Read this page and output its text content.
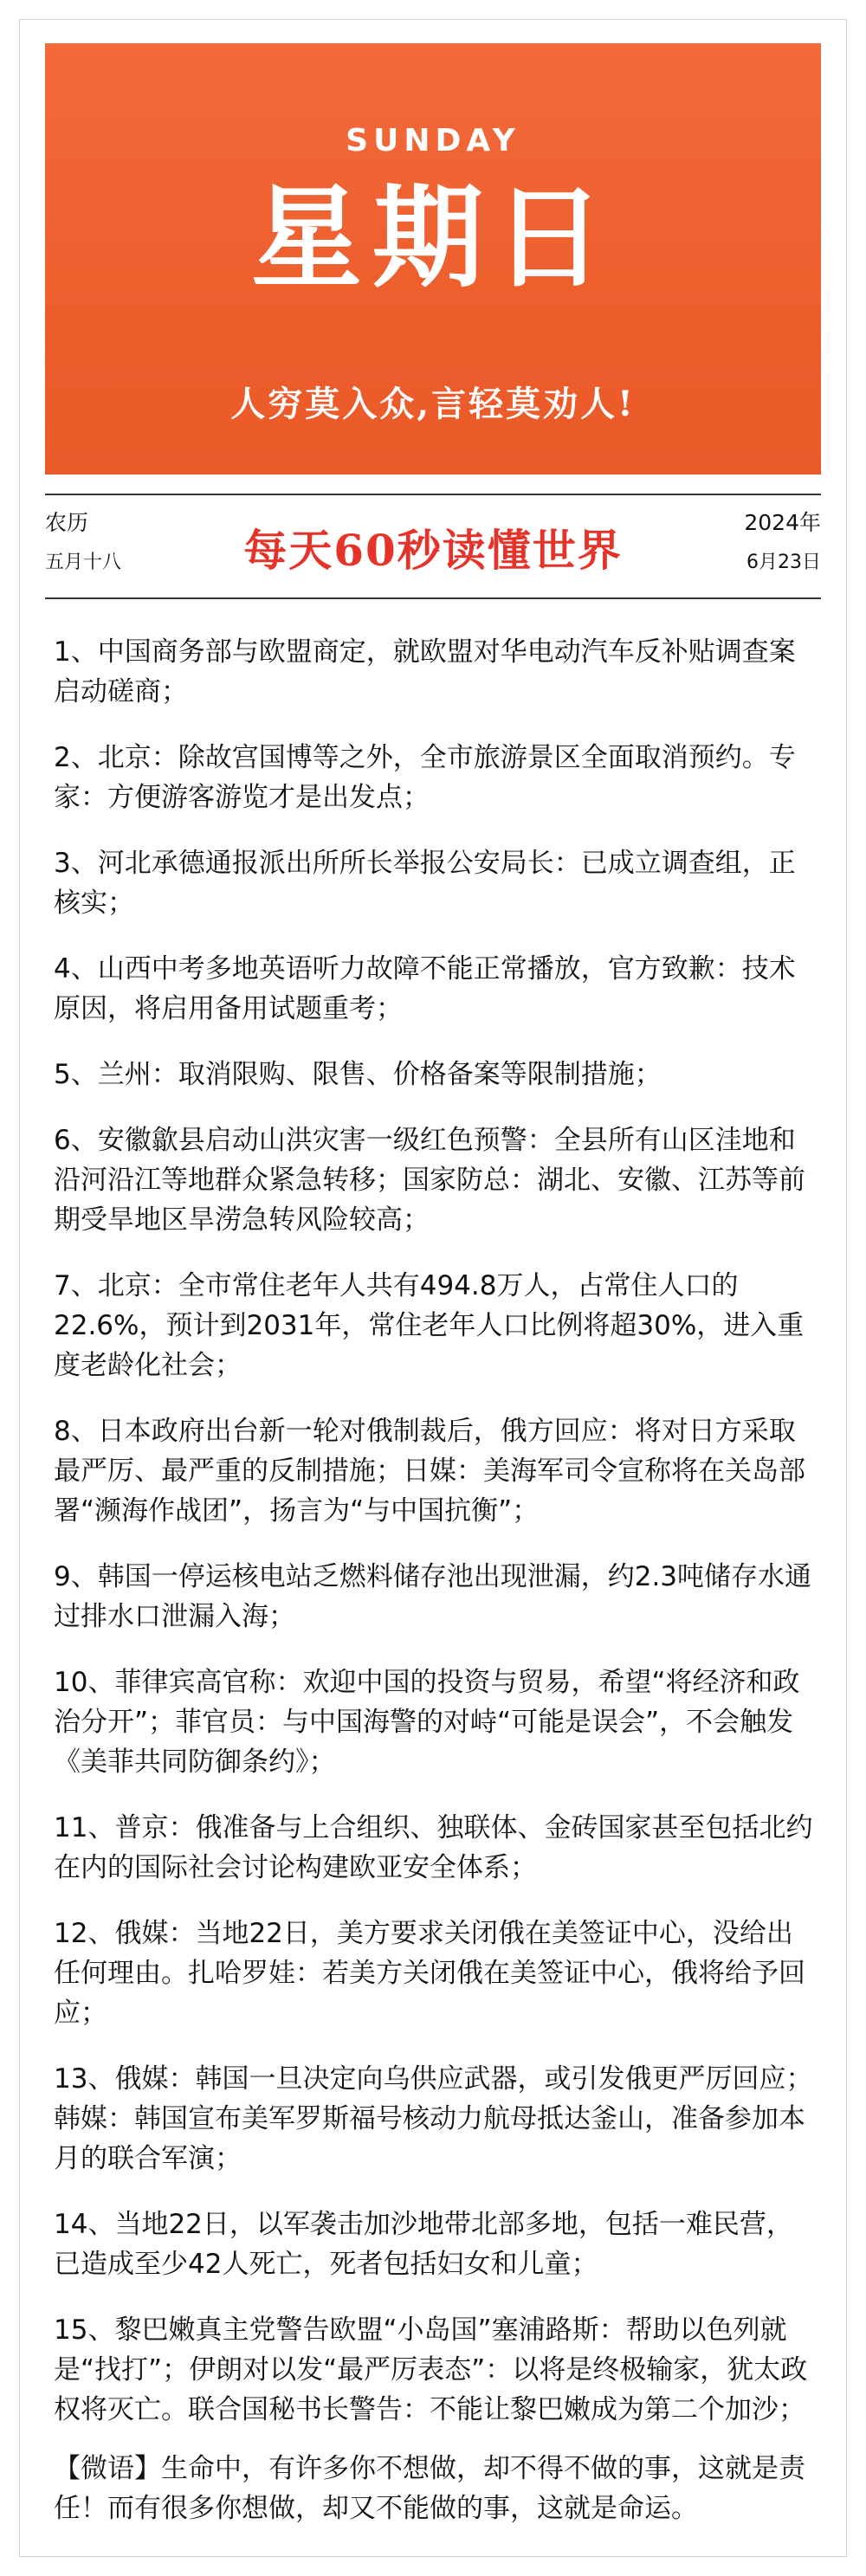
SUNDAY
星期日
人穷莫入众,言轻莫劝人!
农历
五月十八	每天60秒读懂世界
2024年
6月23日
1、中国商务部与欧盟商定，就欧盟对华电动汽车反补贴调查案启动磋商；
2、北京：除故宫国博等之外，全市旅游景区全面取消预约。专家：方便游客游览才是出发点；
3、河北承德通报派出所所长举报公安局长：已成立调查组，正核实；
4、山西中考多地英语听力故障不能正常播放，官方致歉：技术原因，将启用备用试题重考；
5、兰州：取消限购、限售、价格备案等限制措施；
6、安徽歙县启动山洪灾害一级红色预警：全县所有山区洼地和沿河沿江等地群众紧急转移；国家防总：湖北、安徽、江苏等前期受旱地区旱涝急转风险较高；
7、北京：全市常住老年人共有494.8万人，占常住人口的22.6%，预计到2031年，常住老年人口比例将超30%，进入重度老龄化社会；
8、日本政府出台新一轮对俄制裁后，俄方回应：将对日方采取最严厉、最严重的反制措施；日媒：美海军司令宣称将在关岛部署“濒海作战团”，扬言为“与中国抗衡”；
9、韩国一停运核电站乏燃料储存池出现泄漏，约2.3吨储存水通过排水口泄漏入海；
10、菲律宾高官称：欢迎中国的投资与贸易，希望“将经济和政治分开”；菲官员：与中国海警的对峙“可能是误会”，不会触发《美菲共同防御条约》；
11、普京：俄准备与上合组织、独联体、金砖国家甚至包括北约在内的国际社会讨论构建欧亚安全体系；
12、俄媒：当地22日，美方要求关闭俄在美签证中心，没给出任何理由。扎哈罗娃：若美方关闭俄在美签证中心，俄将给予回应；
13、俄媒：韩国一旦决定向乌供应武器，或引发俄更严厉回应；韩媒：韩国宣布美军罗斯福号核动力航母抵达釜山，准备参加本月的联合军演；
14、当地22日，以军袭击加沙地带北部多地，包括一难民营，已造成至少42人死亡，死者包括妇女和儿童；
15、黎巴嫩真主党警告欧盟“小岛国”塞浦路斯：帮助以色列就是“找打”；伊朗对以发“最严厉表态”：以将是终极输家，犹太政权将灭亡。联合国秘书长警告：不能让黎巴嫩成为第二个加沙；
【微语】生命中，有许多你不想做，却不得不做的事，这就是责任！而有很多你想做，却又不能做的事，这就是命运。
